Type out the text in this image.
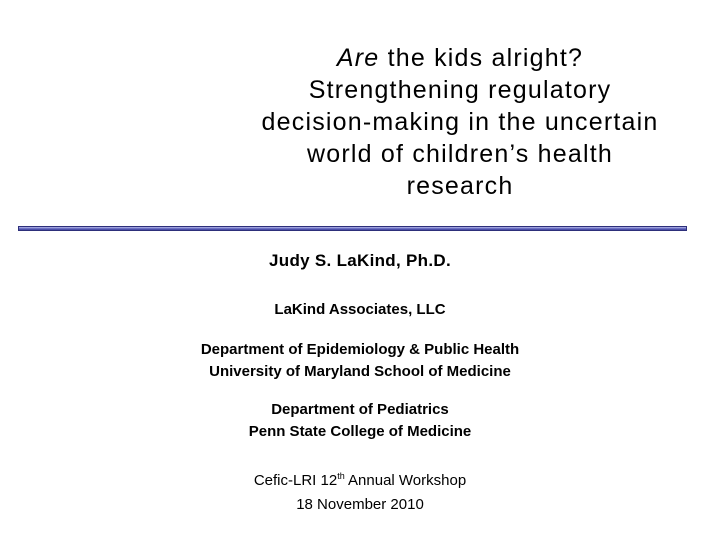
Are the kids alright?
Strengthening regulatory
decision-making in the uncertain
world of children’s health
research
Judy S. LaKind, Ph.D.
LaKind Associates, LLC
Department of Epidemiology & Public Health
University of Maryland School of Medicine
Department of Pediatrics
Penn State College of Medicine
Cefic-LRI 12th Annual Workshop
18 November 2010
